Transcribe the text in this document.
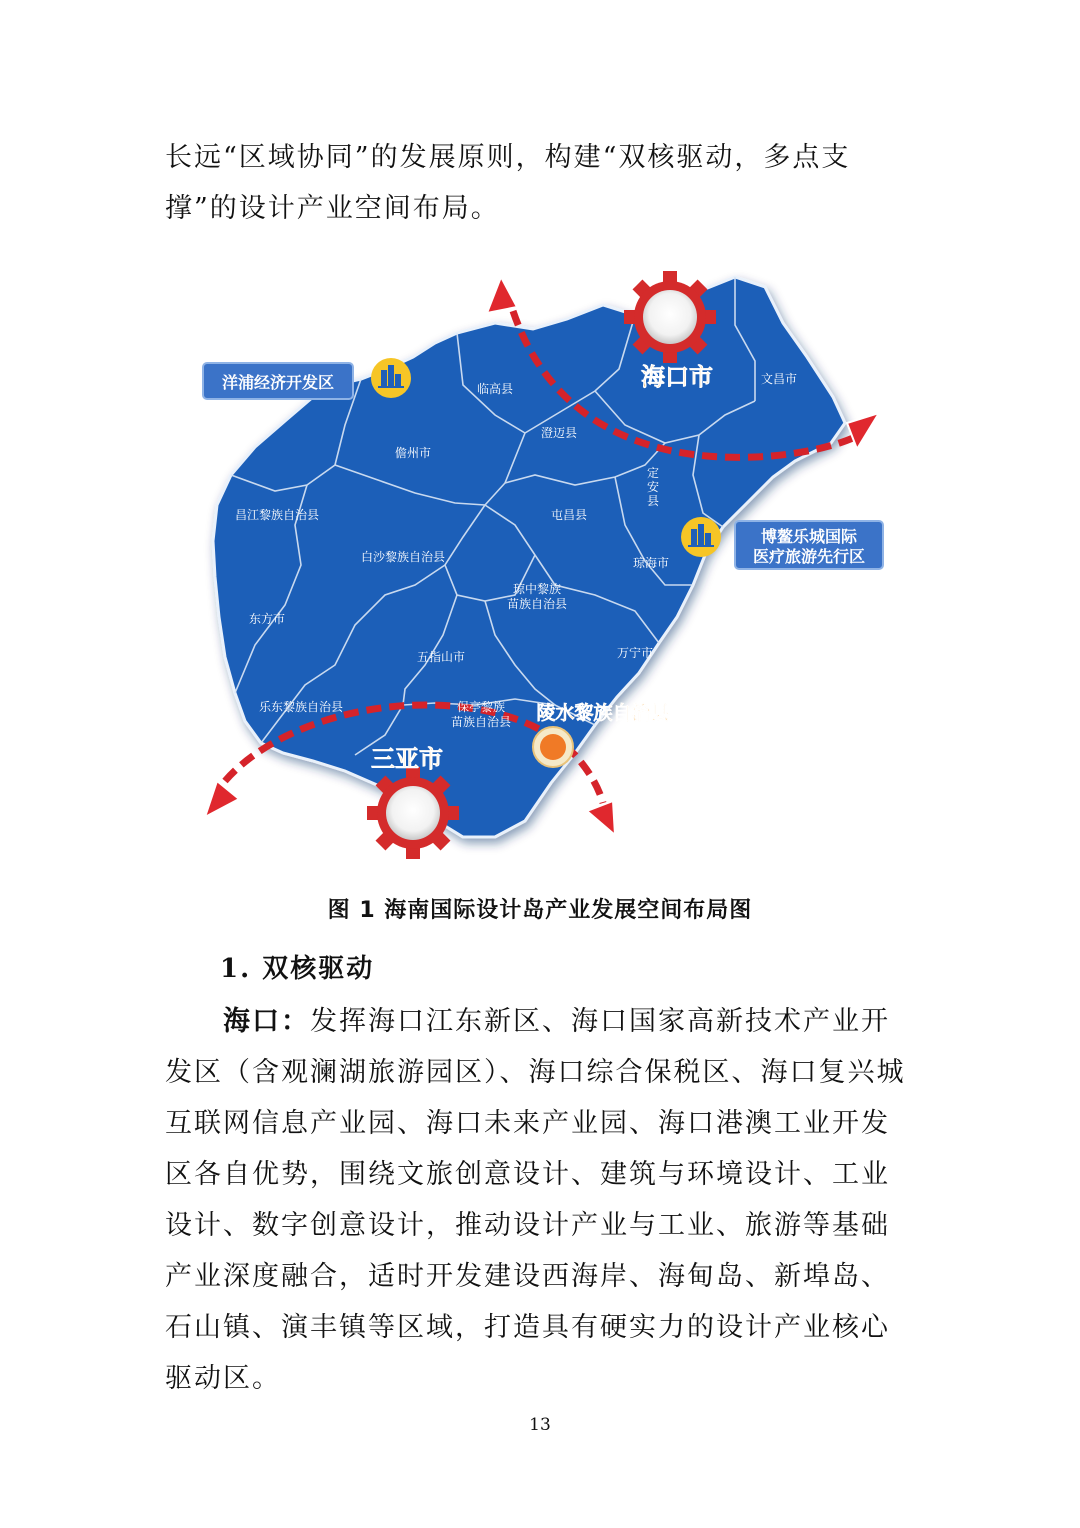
长远“区域协同”的发展原则，构建“双核驱动，多点支撑”的设计产业空间布局。

洋浦经济开发区
博鳌乐城国际
医疗旅游先行区
海口市
三亚市
陵水黎族自治县
临高县
澄迈县
文昌市
儋州市
定
安
县
昌江黎族自治县	屯昌县
白沙黎族自治县	琼海市
琼中黎族
苗族自治县
东方市
五指山市	万宁市
乐东黎族自治县	保亭黎族
苗族自治县
图 1 海南国际设计岛产业发展空间布局图
1. 双核驱动

海口：发挥海口江东新区、海口国家高新技术产业开发区（含观澜湖旅游园区）、海口综合保税区、海口复兴城互联网信息产业园、海口未来产业园、海口港澳工业开发区各自优势，围绕文旅创意设计、建筑与环境设计、工业设计、数字创意设计，推动设计产业与工业、旅游等基础产业深度融合，适时开发建设西海岸、海甸岛、新埠岛、石山镇、演丰镇等区域，打造具有硬实力的设计产业核心驱动区。

13
